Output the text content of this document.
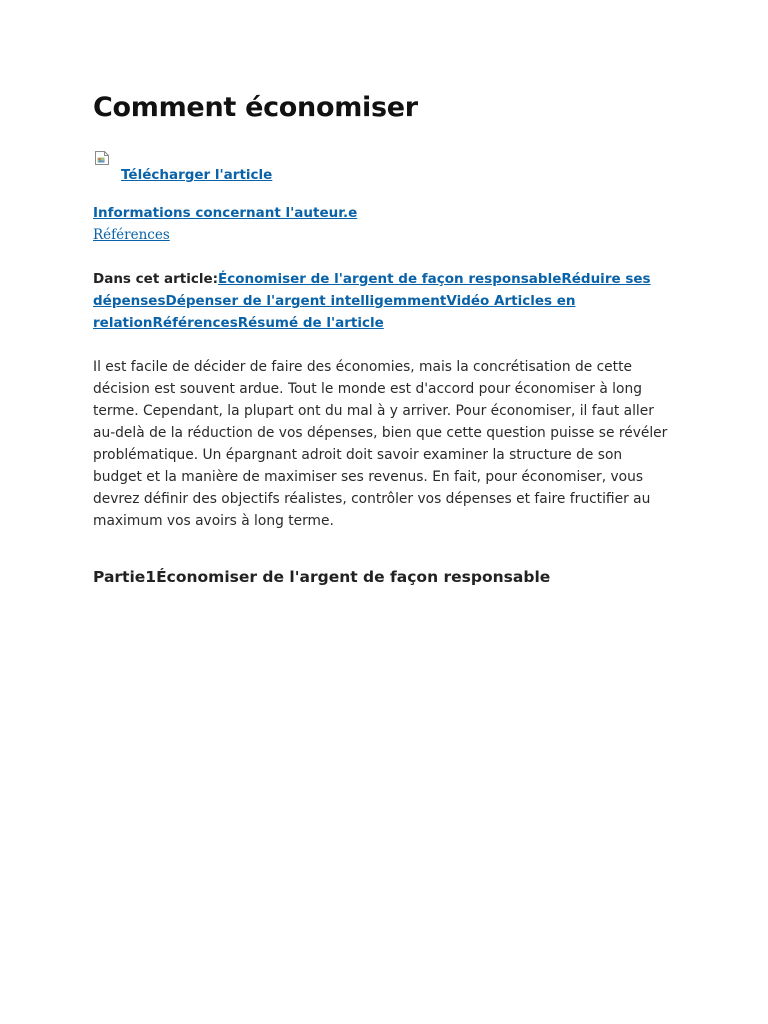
Comment économiser
Télécharger l'article
Informations concernant l'auteur.e
Références
Dans cet article:Économiser de l'argent de façon responsableRéduire ses dépensesDépenser de l'argent intelligemmentVidéo Articles en relationRéférencesRésumé de l'article

Il est facile de décider de faire des économies, mais la concrétisation de cette décision est souvent ardue. Tout le monde est d'accord pour économiser à long terme. Cependant, la plupart ont du mal à y arriver. Pour économiser, il faut aller au-delà de la réduction de vos dépenses, bien que cette question puisse se révéler problématique. Un épargnant adroit doit savoir examiner la structure de son budget et la manière de maximiser ses revenus. En fait, pour économiser, vous devrez définir des objectifs réalistes, contrôler vos dépenses et faire fructifier au maximum vos avoirs à long terme.

Partie1Économiser de l'argent de façon responsable
